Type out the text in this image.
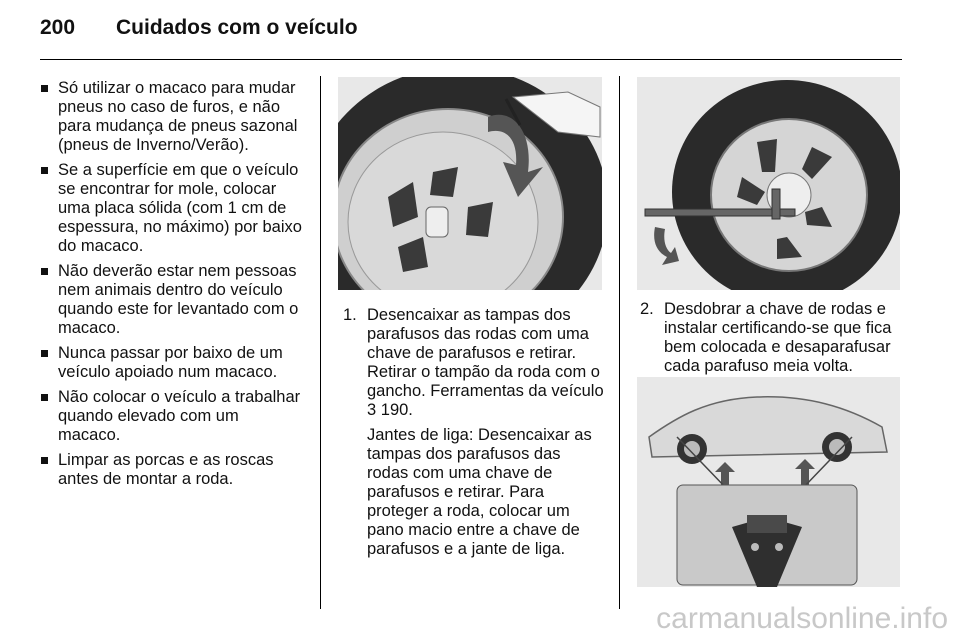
200 Cuidados com o veículo
Só utilizar o macaco para mudar pneus no caso de furos, e não para mudança de pneus sazonal (pneus de Inverno/Verão).
Se a superfície em que o veículo se encontrar for mole, colocar uma placa sólida (com 1 cm de espessura, no máximo) por baixo do macaco.
Não deverão estar nem pessoas nem animais dentro do veículo quando este for levantado com o macaco.
Nunca passar por baixo de um veículo apoiado num macaco.
Não colocar o veículo a trabalhar quando elevado com um macaco.
Limpar as porcas e as roscas antes de montar a roda.
1. Desencaixar as tampas dos parafusos das rodas com uma chave de parafusos e retirar. Retirar o tampão da roda com o gancho. Ferramentas da veículo 3 190.
Jantes de liga: Desencaixar as tampas dos parafusos das rodas com uma chave de parafusos e retirar. Para proteger a roda, colocar um pano macio entre a chave de parafusos e a jante de liga.
2. Desdobrar a chave de rodas e instalar certificando-se que fica bem colocada e desaparafusar cada parafuso meia volta.
carmanualsonline.info
